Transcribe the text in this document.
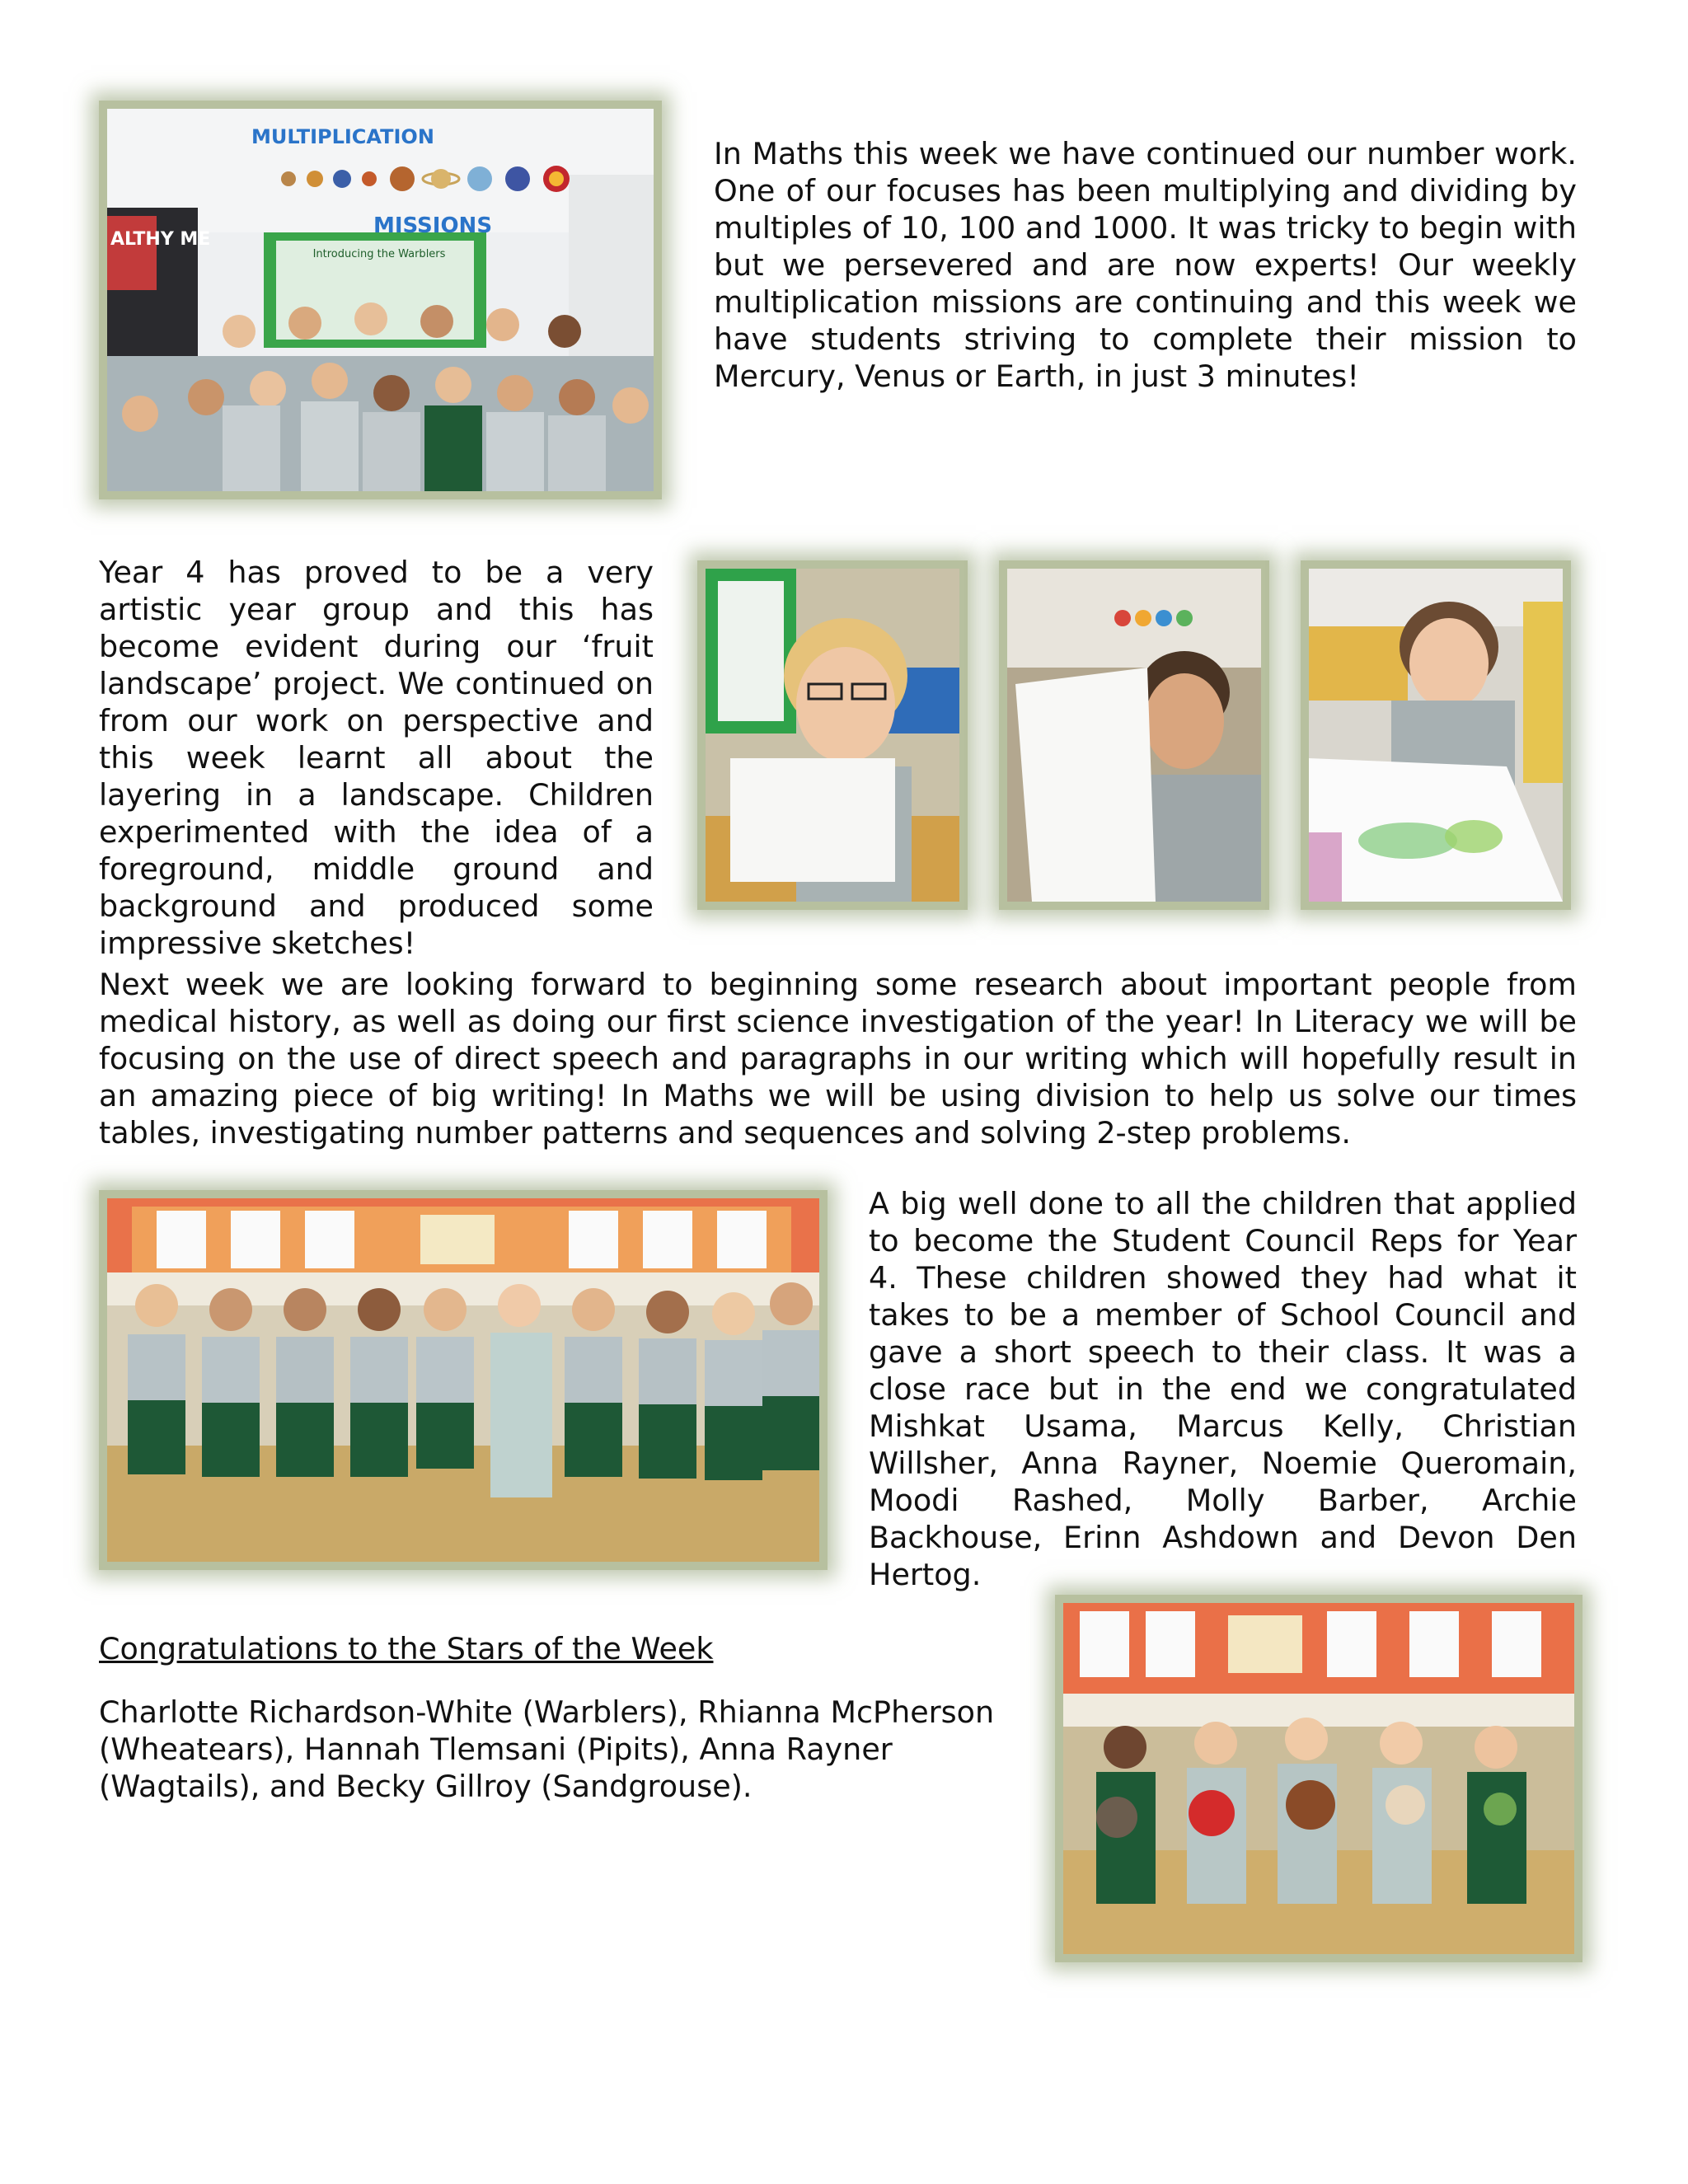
MULTIPLICATION
MISSIONS
Introducing the Warblers
ALTHY ME

In Maths this week we have continued our number work. One of our focuses has been multiplying and dividing by multiples of 10, 100 and 1000. It was tricky to begin with but we persevered and are now experts! Our weekly multiplication missions are continuing and this week we have students striving to complete their mission to Mercury, Venus or Earth, in just 3 minutes!

Year 4 has proved to be a very artistic year group and this has become evident during our ‘fruit landscape’ project. We continued on from our work on perspective and this week learnt all about the layering in a landscape. Children experimented with the idea of a foreground, middle ground and background and produced some impressive sketches!

Next week we are looking forward to beginning some research about important people from medical history, as well as doing our first science investigation of the year! In Literacy we will be focusing on the use of direct speech and paragraphs in our writing which will hopefully result in an amazing piece of big writing! In Maths we will be using division to help us solve our times tables, investigating number patterns and sequences and solving 2-step problems.

A big well done to all the children that applied to become the Student Council Reps for Year 4. These children showed they had what it takes to be a member of School Council and gave a short speech to their class. It was a close race but in the end we congratulated Mishkat Usama, Marcus Kelly, Christian Willsher, Anna Rayner, Noemie Queromain, Moodi Rashed, Molly Barber, Archie Backhouse, Erinn Ashdown and Devon Den Hertog.

Congratulations to the Stars of the Week

Charlotte Richardson-White (Warblers), Rhianna McPherson

(Wheatears), Hannah Tlemsani (Pipits), Anna Rayner

(Wagtails), and Becky Gillroy (Sandgrouse).
